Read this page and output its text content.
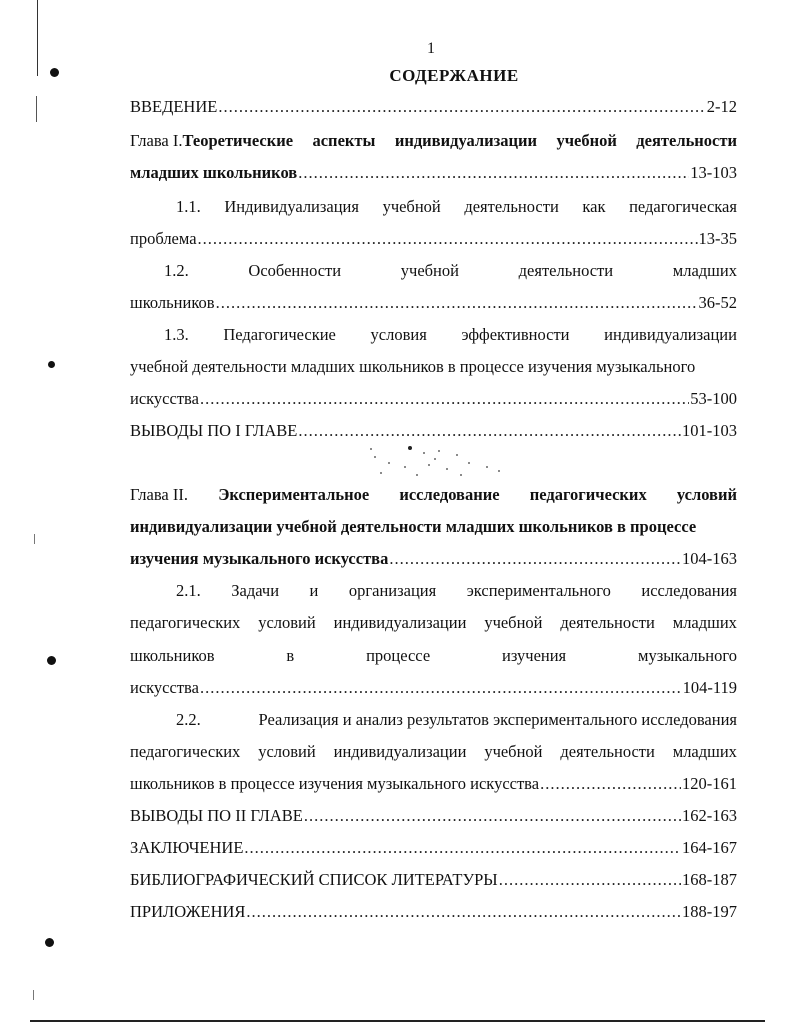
1
СОДЕРЖАНИЕ
ВВЕДЕНИЕ .....	2-12
Глава I.Теоретические аспекты индивидуализации учебной деятельности
младших школьников .....	13-103
1.1. Индивидуализация учебной деятельности как педагогическая
проблема .....	13-35
1.2.	Особенности	учебной	деятельности	младших
школьников .....	36-52
1.3. Педагогические условия эффективности индивидуализации
учебной деятельности младших школьников в процессе изучения музыкального
искусства .....	53-100
ВЫВОДЫ ПО I ГЛАВЕ .....	101-103
Глава II. Экспериментальное исследование педагогических условий
индивидуализации учебной деятельности младших школьников в процессе
изучения музыкального искусства .....	104-163
2.1. Задачи и организация экспериментального исследования
педагогических условий индивидуализации учебной деятельности младших
школьников	в	процессе	изучения	музыкального
искусства .....	104-119
2.2.	Реализация и анализ результатов экспериментального исследования
педагогических условий индивидуализации учебной деятельности младших
школьников в процессе изучения музыкального искусства .....	120-161
ВЫВОДЫ ПО II ГЛАВЕ .....	162-163
ЗАКЛЮЧЕНИЕ .....	164-167
БИБЛИОГРАФИЧЕСКИЙ СПИСОК ЛИТЕРАТУРЫ .....	168-187
ПРИЛОЖЕНИЯ .....	188-197
